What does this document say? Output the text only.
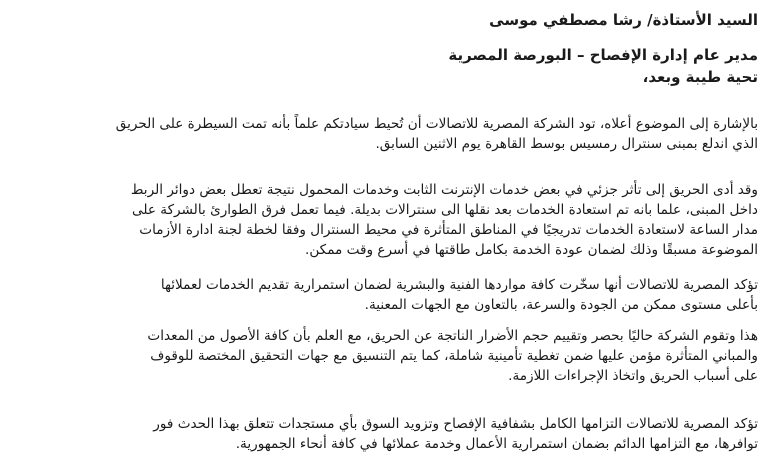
السيد الأستاذة/ رشا مصطفي موسى
مدير عام إدارة الإفصاح – البورصة المصرية
تحية طيبة وبعد،
بالإشارة إلى الموضوع أعلاه، تود الشركة المصرية للاتصالات أن تُحيط سيادتكم علماً بأنه تمت السيطرة على الحريق
الذي اندلع بمبنى سنترال رمسيس بوسط القاهرة يوم الاثنين السابق.
وقد أدى الحريق إلى تأثر جزئي في بعض خدمات الإنترنت الثابت وخدمات المحمول نتيجة تعطل بعض دوائر الربط
داخل المبنى، علما بانه تم استعادة الخدمات بعد نقلها الى سنترالات بديلة. فيما تعمل فرق الطوارئ بالشركة على
مدار الساعة لاستعادة الخدمات تدريجيًا في المناطق المتأثرة في محيط السنترال وفقا لخطة لجنة ادارة الأزمات
الموضوعة مسبقًا وذلك لضمان عودة الخدمة بكامل طاقتها في أسرع وقت ممكن.
تؤكد المصرية للاتصالات أنها سخّرت كافة مواردها الفنية والبشرية لضمان استمرارية تقديم الخدمات لعملائها
بأعلى مستوى ممكن من الجودة والسرعة، بالتعاون مع الجهات المعنية.
هذا وتقوم الشركة حاليًا بحصر وتقييم حجم الأضرار الناتجة عن الحريق، مع العلم بأن كافة الأصول من المعدات
والمباني المتأثرة مؤمن عليها ضمن تغطية تأمينية شاملة، كما يتم التنسيق مع جهات التحقيق المختصة للوقوف
على أسباب الحريق واتخاذ الإجراءات اللازمة.
تؤكد المصرية للاتصالات التزامها الكامل بشفافية الإفصاح وتزويد السوق بأي مستجدات تتعلق بهذا الحدث فور
توافرها، مع التزامها الدائم بضمان استمرارية الأعمال وخدمة عملائها في كافة أنحاء الجمهورية.
